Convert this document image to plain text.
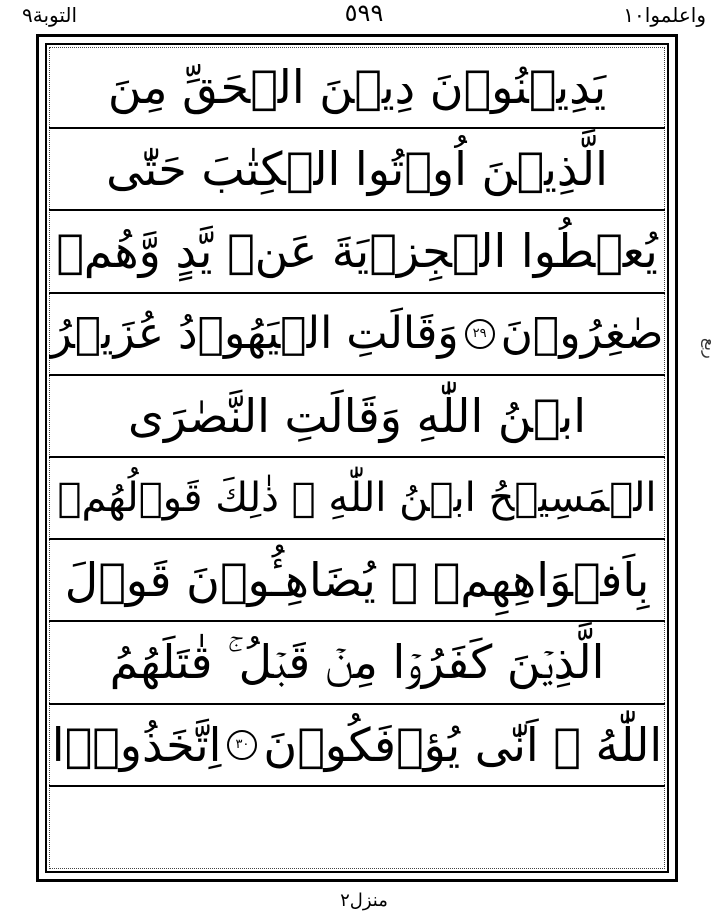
التوبة٩	٥٩٩	واعلموا١٠
يَدِيۡنُوۡنَ دِيۡنَ الۡحَقِّ مِنَ
الَّذِيۡنَ اُوۡتُوا الۡكِتٰبَ حَتّٰى
يُعۡطُوا الۡجِزۡيَةَ عَنۡ يَّدٍ وَّهُمۡ
صٰغِرُوۡنَ
٢٩
وَقَالَتِ الۡيَهُوۡدُ عُزَيۡرُ
ابۡنُ اللّٰهِ وَقَالَتِ النَّصٰرَى
الۡمَسِيۡحُ ابۡنُ اللّٰهِ ۚ ذٰلِكَ قَوۡلُهُمۡ
بِاَفۡوَاهِهِمۡ ۚ يُضَاهِـُٔوۡنَ قَوۡلَ
الَّذِيۡنَ كَفَرُوۡا مِنۡ قَبۡلُ ۚ قٰتَلَهُمُ
اللّٰهُ ۚ اَنّٰى يُؤۡفَكُوۡنَ
٣٠
اِتَّخَذُوۡۤا
ربع
منزل٢
